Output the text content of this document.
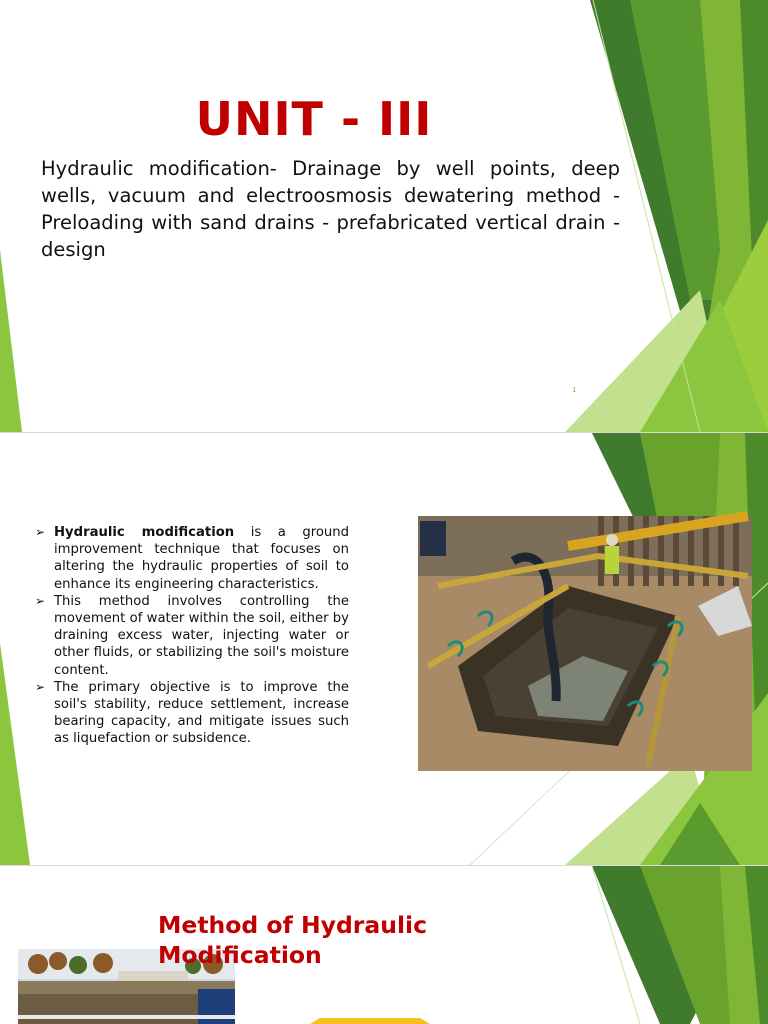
UNIT - III

Hydraulic modification- Drainage by well points, deep wells, vacuum and electroosmosis dewatering method - Preloading with sand drains - prefabricated vertical drain - design

1
➢ Hydraulic modification is a ground improvement technique that focuses on altering the hydraulic properties of soil to enhance its engineering characteristics.
➢ This method involves controlling the movement of water within the soil, either by draining excess water, injecting water or other fluids, or stabilizing the soil's moisture content.
➢ The primary objective is to improve the soil's stability, reduce settlement, increase bearing capacity, and mitigate issues such as liquefaction or subsidence.
Method of Hydraulic Modification
